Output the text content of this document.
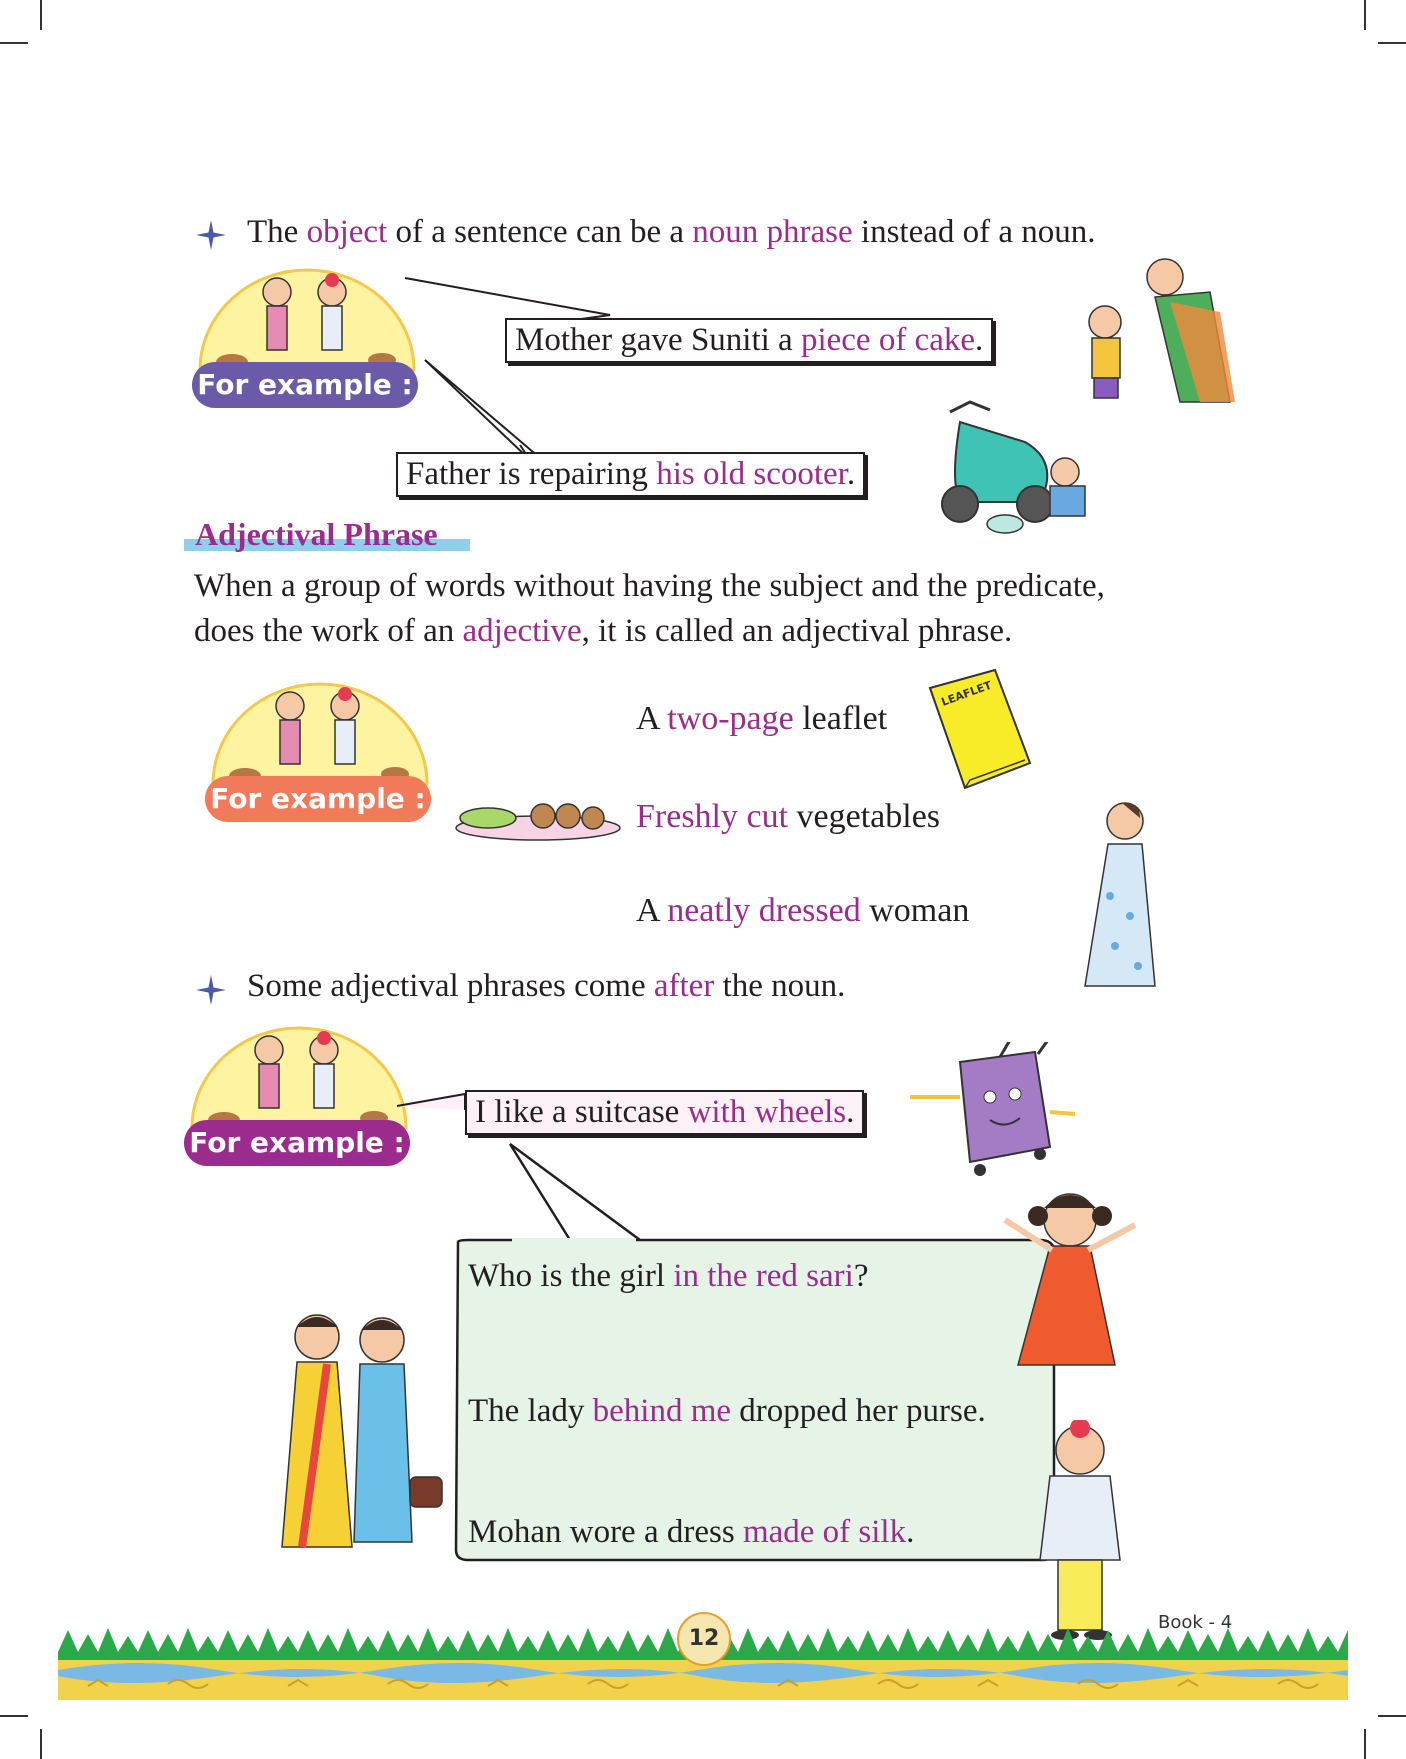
The object of a sentence can be a noun phrase instead of a noun.
For example :
Mother gave Suniti a piece of cake.
Father is repairing his old scooter.
Adjectival Phrase
When a group of words without having the subject and the predicate,
does the work of an adjective, it is called an adjectival phrase.
For example :
A two-page leaflet
LEAFLET
Freshly cut vegetables
A neatly dressed woman
Some adjectival phrases come after the noun.
For example :
I like a suitcase with wheels.
Who is the girl in the red sari?
The lady behind me dropped her purse.
Mohan wore a dress made of silk.
12
Book - 4
